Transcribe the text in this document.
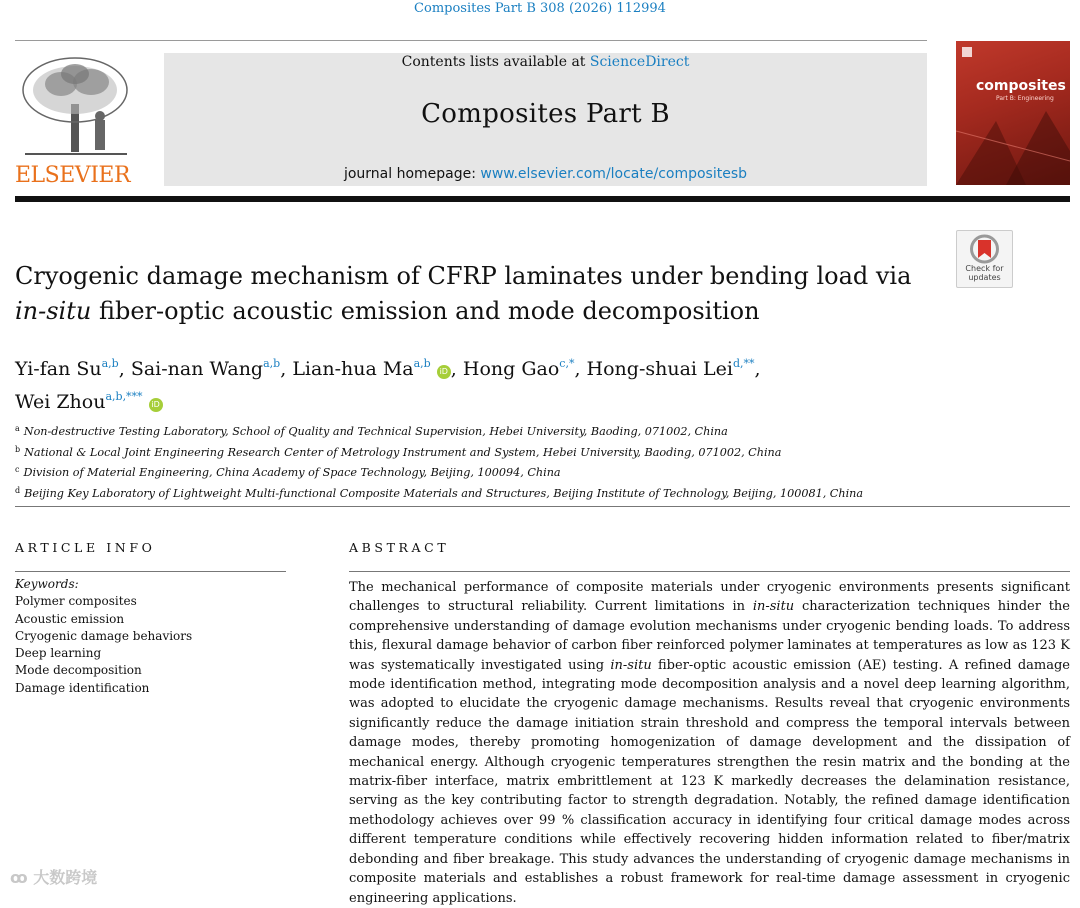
Composites Part B 308 (2026) 112994
ELSEVIER
Contents lists available at ScienceDirect
Composites Part B
journal homepage: www.elsevier.com/locate/compositesb
composites
Part B: Engineering
Check for updates
Cryogenic damage mechanism of CFRP laminates under bending load via
in-situ fiber-optic acoustic emission and mode decomposition
Yi-fan Su$^{a,b}$, Sai-nan Wang$^{a,b}$, Lian-hua Ma$^{a,b}$ iD , Hong Gao$^{c,*}$, Hong-shuai Lei$^{d,**}$,
Wei Zhou$^{a,b,***}$ iD
$^a$ Non-destructive Testing Laboratory, School of Quality and Technical Supervision, Hebei University, Baoding, 071002, China
$^b$ National & Local Joint Engineering Research Center of Metrology Instrument and System, Hebei University, Baoding, 071002, China
$^c$ Division of Material Engineering, China Academy of Space Technology, Beijing, 100094, China
$^d$ Beijing Key Laboratory of Lightweight Multi-functional Composite Materials and Structures, Beijing Institute of Technology, Beijing, 100081, China
ARTICLE INFO	ABSTRACT
Keywords:
Polymer composites
Acoustic emission
Cryogenic damage behaviors
Deep learning
Mode decomposition
Damage identification
The mechanical performance of composite materials under cryogenic environments presents significant challenges to structural reliability. Current limitations in in-situ characterization techniques hinder the comprehensive understanding of damage evolution mechanisms under cryogenic bending loads. To address this, flexural damage behavior of carbon fiber reinforced polymer laminates at temperatures as low as 123 K was systematically investigated using in-situ fiber-optic acoustic emission (AE) testing. A refined damage mode identification method, integrating mode decomposition analysis and a novel deep learning algorithm, was adopted to elucidate the cryogenic damage mechanisms. Results reveal that cryogenic environments significantly reduce the damage initiation strain threshold and compress the temporal intervals between damage modes, thereby promoting homogenization of damage development and the dissipation of mechanical energy. Although cryogenic temperatures strengthen the resin matrix and the bonding at the matrix-fiber interface, matrix embrittlement at 123 K markedly decreases the delamination resistance, serving as the key contributing factor to strength degradation. Notably, the refined damage identification methodology achieves over 99 % classification accuracy in identifying four critical damage modes across different temperature conditions while effectively recovering hidden information related to fiber/matrix debonding and fiber breakage. This study advances the understanding of cryogenic damage mechanisms in composite materials and establishes a robust framework for real-time damage assessment in cryogenic engineering applications.
ꝏ 大数跨境
